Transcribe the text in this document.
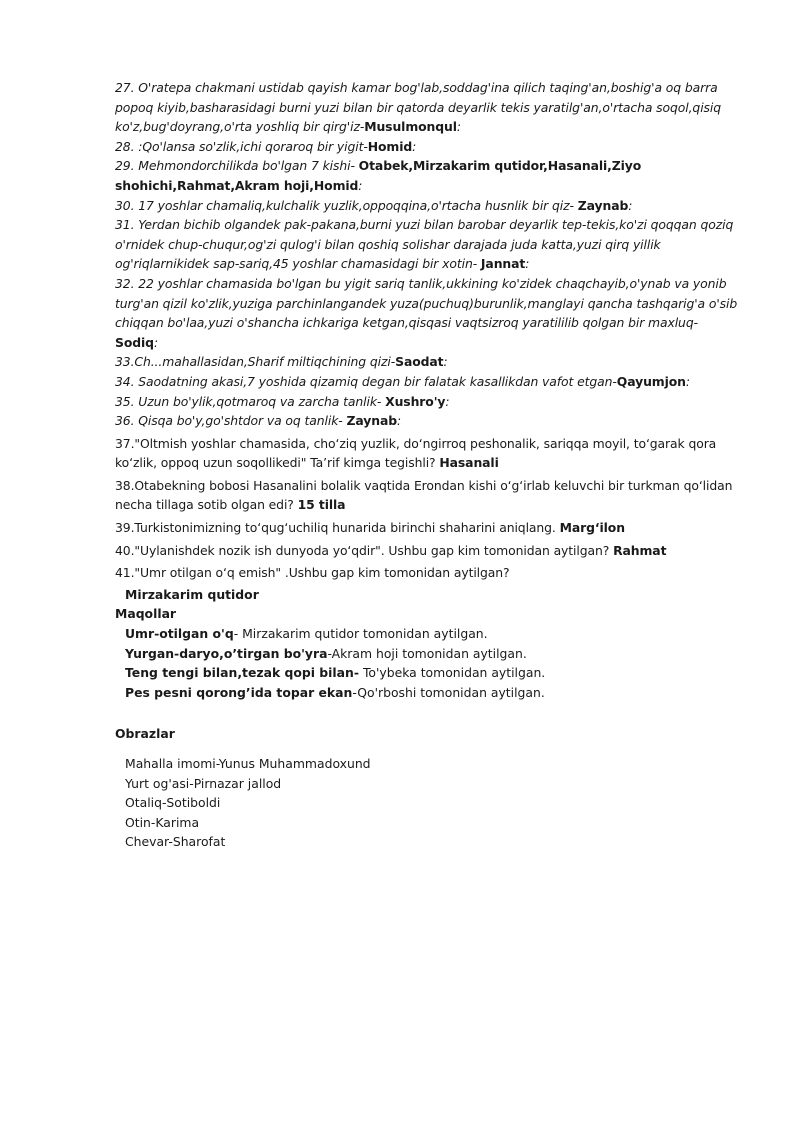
27. O'ratepa chakmani ustidab qayish kamar bog'lab,soddag'ina qilich taqing'an,boshig'a oq barra popoq kiyib,basharasidagi burni yuzi bilan bir qatorda deyarlik tekis yaratilg'an,o'rtacha soqol,qisiq ko'z,bug'doyrang,o'rta yoshliq bir qirg'iz-Musulmonqul:

28. :Qo'lansa so'zlik,ichi qoraroq bir yigit-Homid:

29. Mehmondorchilikda bo'lgan 7 kishi- Otabek,Mirzakarim qutidor,Hasanali,Ziyo shohichi,Rahmat,Akram hoji,Homid:

30. 17 yoshlar chamaliq,kulchalik yuzlik,oppoqqina,o'rtacha husnlik bir qiz- Zaynab:

31. Yerdan bichib olgandek pak-pakana,burni yuzi bilan barobar deyarlik tep-tekis,ko'zi qoqqan qoziq o'rnidek chup-chuqur,og'zi qulog'i bilan qoshiq solishar darajada juda katta,yuzi qirq yillik og'riqlarnikidek sap-sariq,45 yoshlar chamasidagi bir xotin- Jannat:

32. 22 yoshlar chamasida bo'lgan bu yigit sariq tanlik,ukkining ko'zidek chaqchayib,o'ynab va yonib turg'an qizil ko'zlik,yuziga parchinlangandek yuza(puchuq)burunlik,manglayi qancha tashqarig'a o'sib chiqqan bo'laa,yuzi o'shancha ichkariga ketgan,qisqasi vaqtsizroq yaratililib qolgan bir maxluq- Sodiq:

33.Ch...mahallasidan,Sharif miltiqchining qizi-Saodat:

34. Saodatning akasi,7 yoshida qizamiq degan bir falatak kasallikdan vafot etgan-Qayumjon:

35. Uzun bo'ylik,qotmaroq va zarcha tanlik- Xushro'y:

36. Qisqa bo'y,go'shtdor va oq tanlik- Zaynab:

37."Oltmish yoshlar chamasida, cho‘ziq yuzlik, do‘ngirroq peshonalik, sariqqa moyil, to‘garak qora ko‘zlik, oppoq uzun soqollikedi" Ta’rif kimga tegishli? Hasanali

38.Otabekning bobosi Hasanalini bolalik vaqtida Erondan kishi o‘g‘irlab keluvchi bir turkman qo‘lidan necha tillaga sotib olgan edi? 15 tilla

39.Turkistonimizning to‘qug‘uchiliq hunarida birinchi shaharini aniqlang. Marg‘ilon

40."Uylanishdek nozik ish dunyoda yo‘qdir". Ushbu gap kim tomonidan aytilgan? Rahmat

41."Umr otilgan o‘q emish" .Ushbu gap kim tomonidan aytilgan?

Mirzakarim qutidor
Maqollar

Umr-otilgan o'q- Mirzakarim qutidor tomonidan aytilgan.

Yurgan-daryo,o’tirgan bo'yra-Akram hoji tomonidan aytilgan.

Teng tengi bilan,tezak qopi bilan- To'ybeka tomonidan aytilgan.

Pes pesni qorong’ida topar ekan-Qo'rboshi tomonidan aytilgan.

Obrazlar

Mahalla imomi-Yunus Muhammadoxund

Yurt og'asi-Pirnazar jallod

Otaliq-Sotiboldi

Otin-Karima

Chevar-Sharofat
